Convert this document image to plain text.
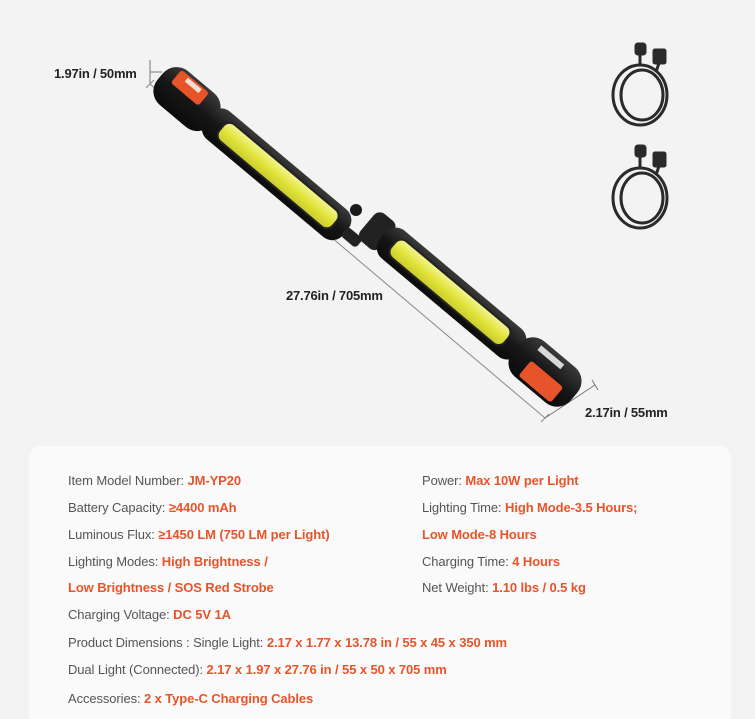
1.97in / 50mm
27.76in / 705mm
2.17in / 55mm
Item Model Number: JM-YP20
Battery Capacity: ≥4400 mAh
Luminous Flux: ≥1450 LM (750 LM per Light)
Lighting Modes: High Brightness /
Low Brightness / SOS Red Strobe
Charging Voltage: DC 5V 1A
Power: Max 10W per Light
Lighting Time: High Mode-3.5 Hours;
Low Mode-8 Hours
Charging Time: 4 Hours
Net Weight: 1.10 lbs / 0.5 kg
Product Dimensions : Single Light: 2.17 x 1.77 x 13.78 in / 55 x 45 x 350 mm
Dual Light (Connected): 2.17 x 1.97 x 27.76 in / 55 x 50 x 705 mm
Accessories: 2 x Type-C Charging Cables
